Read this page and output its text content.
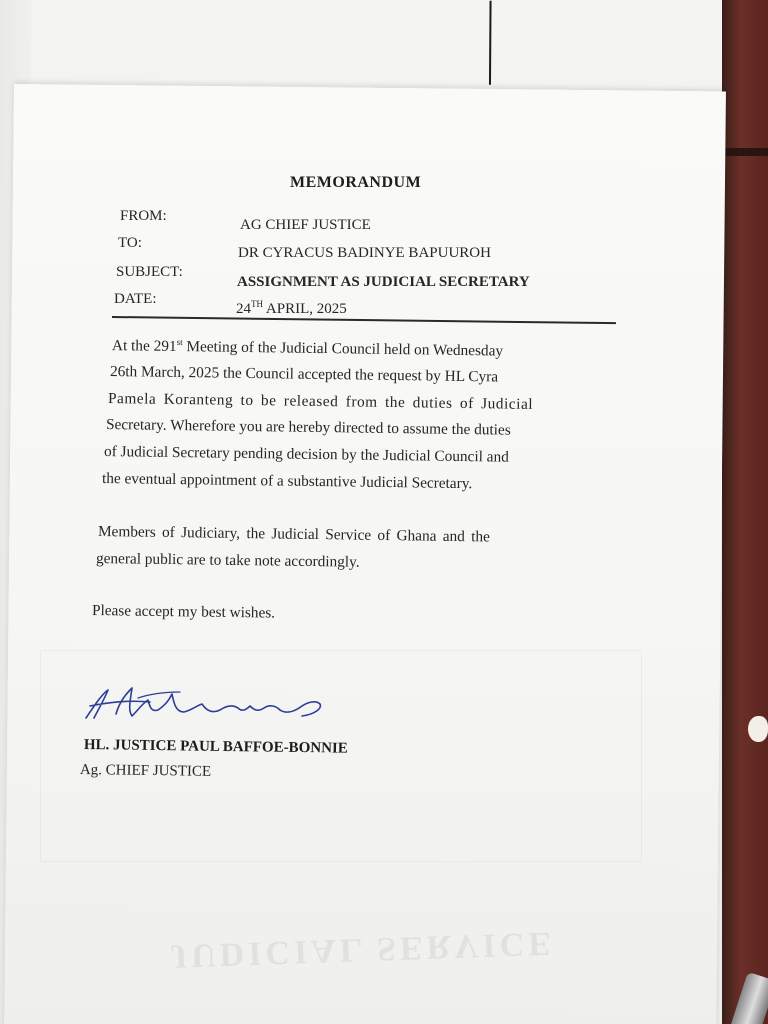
JUDICIAL SERVICE
MEMORANDUM
FROM:
AG CHIEF JUSTICE
TO:
DR CYRACUS BADINYE BAPUUROH
SUBJECT:
ASSIGNMENT AS JUDICIAL SECRETARY
DATE:
24TH APRIL, 2025
At the 291st Meeting of the Judicial Council held on Wednesday
26th March, 2025 the Council accepted the request by HL Cyra
Pamela Koranteng to be released from the duties of Judicial
Secretary. Wherefore you are hereby directed to assume the duties
of Judicial Secretary pending decision by the Judicial Council and
the eventual appointment of a substantive Judicial Secretary.
Members of Judiciary, the Judicial Service of Ghana and the
general public are to take note accordingly.
Please accept my best wishes.
HL. JUSTICE PAUL BAFFOE-BONNIE
Ag. CHIEF JUSTICE
